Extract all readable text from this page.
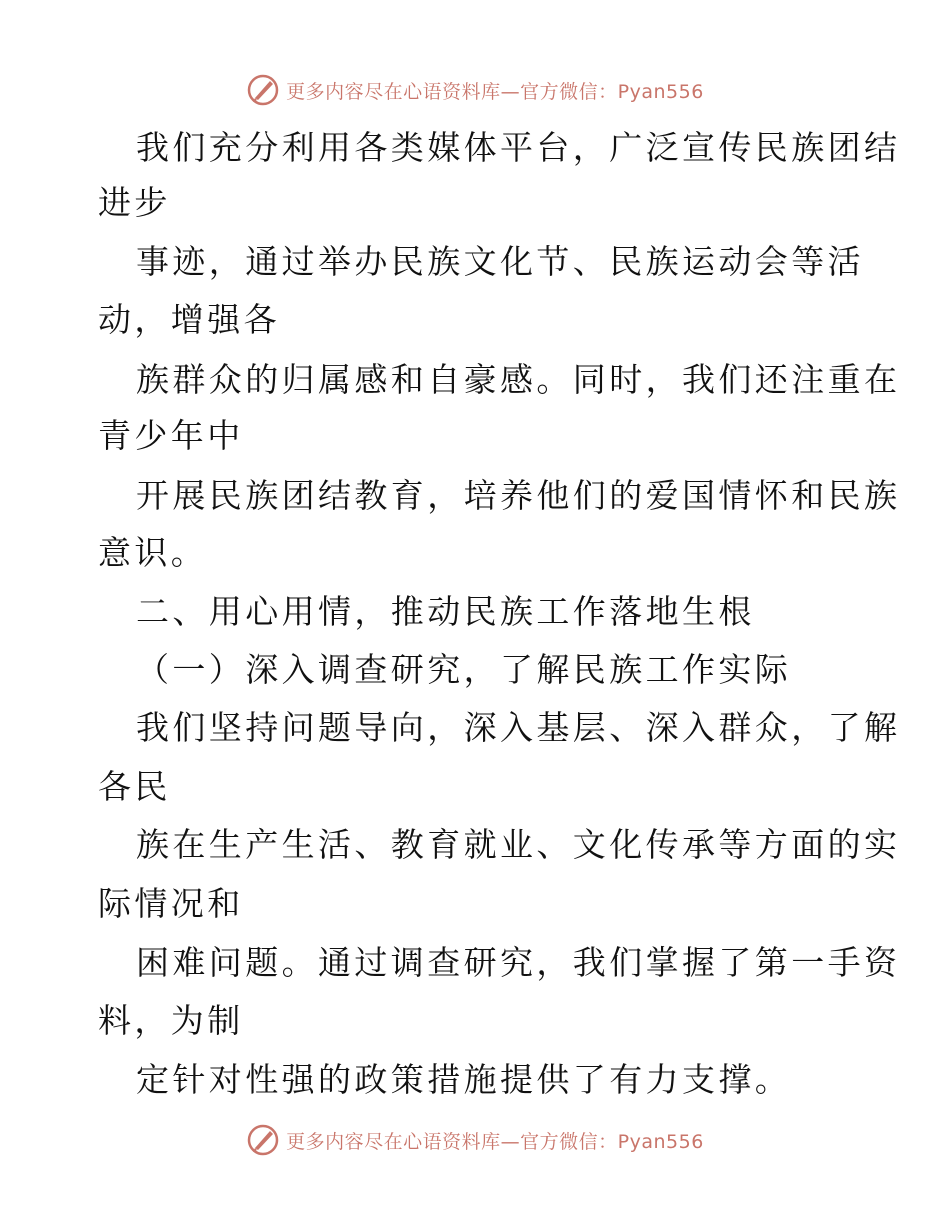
更多内容尽在心语资料库—官方微信：Pyan556
我们充分利用各类媒体平台，广泛宣传民族团结
进步
事迹，通过举办民族文化节、民族运动会等活
动，增强各
族群众的归属感和自豪感。同时，我们还注重在
青少年中
开展民族团结教育，培养他们的爱国情怀和民族
意识。
二、用心用情，推动民族工作落地生根
（一）深入调查研究，了解民族工作实际
我们坚持问题导向，深入基层、深入群众，了解
各民
族在生产生活、教育就业、文化传承等方面的实
际情况和
困难问题。通过调查研究，我们掌握了第一手资
料，为制
定针对性强的政策措施提供了有力支撑。
更多内容尽在心语资料库—官方微信：Pyan556
